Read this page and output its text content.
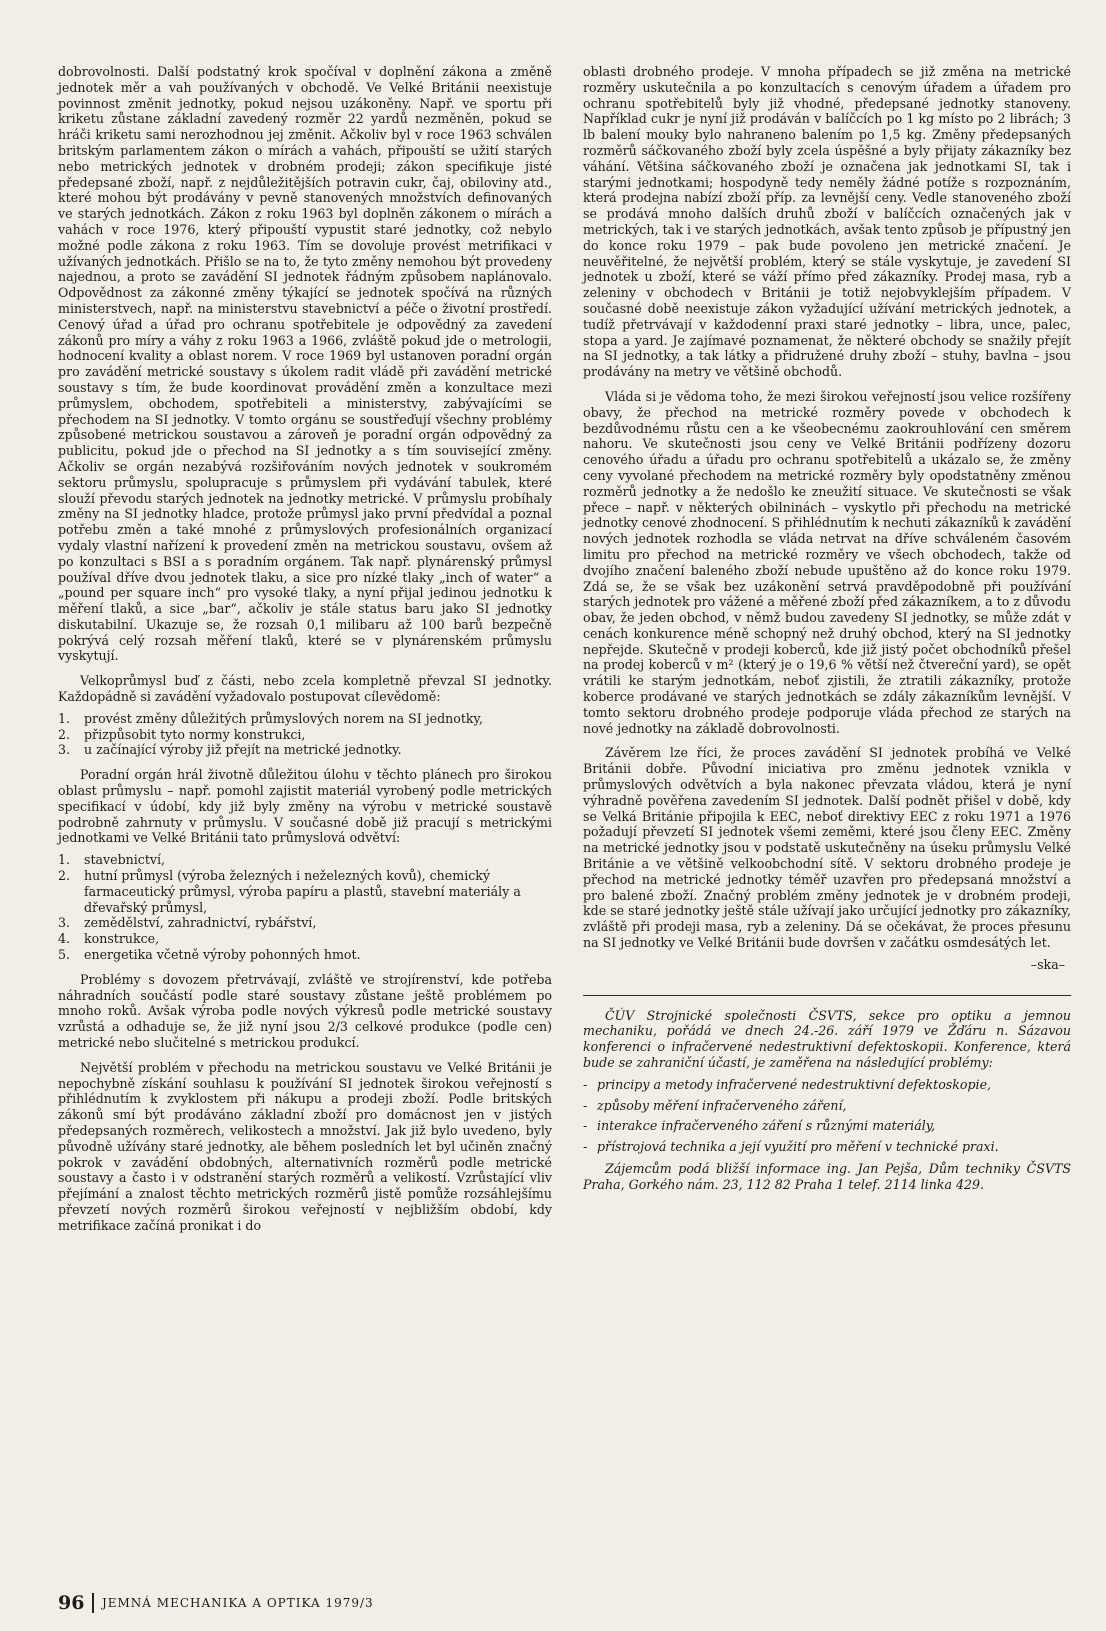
dobrovolnosti. Další podstatný krok spočíval v doplnění zákona a změně jednotek měr a vah používaných v obchodě. Ve Velké Británii neexistuje povinnost změnit jednotky, pokud nejsou uzákoněny. Např. ve sportu při kriketu zůstane základní zavedený rozměr 22 yardů nezměněn, pokud se hráči kriketu sami nerozhodnou jej změnit. Ačkoliv byl v roce 1963 schválen britským parlamentem zákon o mírách a vahách, připouští se užití starých nebo metrických jednotek v drobném prodeji; zákon specifikuje jisté předepsané zboží, např. z nejdůležitějších potravin cukr, čaj, obiloviny atd., které mohou být prodávány v pevně stanovených množstvích definovaných ve starých jednotkách. Zákon z roku 1963 byl doplněn zákonem o mírách a vahách v roce 1976, který připouští vypustit staré jednotky, což nebylo možné podle zákona z roku 1963. Tím se dovoluje provést metrifikaci v užívaných jednotkách. Přišlo se na to, že tyto změny nemohou být provedeny najednou, a proto se zavádění SI jednotek řádným způsobem naplánovalo. Odpovědnost za zákonné změny týkající se jednotek spočívá na různých ministerstvech, např. na ministerstvu stavebnictví a péče o životní prostředí. Cenový úřad a úřad pro ochranu spotřebitele je odpovědný za zavedení zákonů pro míry a váhy z roku 1963 a 1966, zvláště pokud jde o metrologii, hodnocení kvality a oblast norem. V roce 1969 byl ustanoven poradní orgán pro zavádění metrické soustavy s úkolem radit vládě při zavádění metrické soustavy s tím, že bude koordinovat provádění změn a konzultace mezi průmyslem, obchodem, spotřebiteli a ministerstvy, zabývajícími se přechodem na SI jednotky. V tomto orgánu se soustřeďují všechny problémy způsobené metrickou soustavou a zároveň je poradní orgán odpovědný za publicitu, pokud jde o přechod na SI jednotky a s tím související změny. Ačkoliv se orgán nezabývá rozšiřováním nových jednotek v soukromém sektoru průmyslu, spolupracuje s průmyslem při vydávání tabulek, které slouží převodu starých jednotek na jednotky metrické. V průmyslu probíhaly změny na SI jednotky hladce, protože průmysl jako první předvídal a poznal potřebu změn a také mnohé z průmyslových profesionálních organizací vydaly vlastní nařízení k provedení změn na metrickou soustavu, ovšem až po konzultaci s BSI a s poradním orgánem. Tak např. plynárenský průmysl používal dříve dvou jednotek tlaku, a sice pro nízké tlaky „inch of water“ a „pound per square inch“ pro vysoké tlaky, a nyní přijal jedinou jednotku k měření tlaků, a sice „bar“, ačkoliv je stále status baru jako SI jednotky diskutabilní. Ukazuje se, že rozsah 0,1 milibaru až 100 barů bezpečně pokrývá celý rozsah měření tlaků, které se v plynárenském průmyslu vyskytují.

Velkoprůmysl buď z části, nebo zcela kompletně převzal SI jednotky. Každopádně si zavádění vyžadovalo postupovat cílevědomě:

1.	provést změny důležitých průmyslových norem na SI jednotky,
2.	přizpůsobit tyto normy konstrukci,
3.	u začínající výroby již přejít na metrické jednotky.

Poradní orgán hrál životně důležitou úlohu v těchto plánech pro širokou oblast průmyslu – např. pomohl zajistit materiál vyrobený podle metrických specifikací v údobí, kdy již byly změny na výrobu v metrické soustavě podrobně zahrnuty v průmyslu. V současné době již pracují s metrickými jednotkami ve Velké Británii tato průmyslová odvětví:

1.	stavebnictví,
2.	hutní průmysl (výroba železných i neželezných kovů), chemický farmaceutický průmysl, výroba papíru a plastů, stavební materiály a dřevařský průmysl,
3.	zemědělství, zahradnictví, rybářství,
4.	konstrukce,
5.	energetika včetně výroby pohonných hmot.

Problémy s dovozem přetrvávají, zvláště ve strojírenství, kde potřeba náhradních součástí podle staré soustavy zůstane ještě problémem po mnoho roků. Avšak výroba podle nových výkresů podle metrické soustavy vzrůstá a odhaduje se, že již nyní jsou 2/3 celkové produkce (podle cen) metrické nebo slučitelné s metrickou produkcí.

Největší problém v přechodu na metrickou soustavu ve Velké Británii je nepochybně získání souhlasu k používání SI jednotek širokou veřejností s přihlédnutím k zvyklostem při nákupu a prodeji zboží. Podle britských zákonů smí být prodáváno základní zboží pro domácnost jen v jistých předepsaných rozměrech, velikostech a množství. Jak již bylo uvedeno, byly původně užívány staré jednotky, ale během posledních let byl učiněn značný pokrok v zavádění obdobných, alternativních rozměrů podle metrické soustavy a často i v odstranění starých rozměrů a velikostí. Vzrůstající vliv přejímání a znalost těchto metrických rozměrů jistě pomůže rozsáhlejšímu převzetí nových rozměrů širokou veřejností v nejbližším období, kdy metrifikace začíná pronikat i do

oblasti drobného prodeje. V mnoha případech se již změna na metrické rozměry uskutečnila a po konzultacích s cenovým úřadem a úřadem pro ochranu spotřebitelů byly již vhodné, předepsané jednotky stanoveny. Například cukr je nyní již prodáván v balíčcích po 1 kg místo po 2 librách; 3 lb balení mouky bylo nahraneno balením po 1,5 kg. Změny předepsaných rozměrů sáčkovaného zboží byly zcela úspěšné a byly přijaty zákazníky bez váhání. Většina sáčkovaného zboží je označena jak jednotkami SI, tak i starými jednotkami; hospodyně tedy neměly žádné potíže s rozpoznáním, která prodejna nabízí zboží příp. za levnější ceny. Vedle stanoveného zboží se prodává mnoho dalších druhů zboží v balíčcích označených jak v metrických, tak i ve starých jednotkách, avšak tento způsob je přípustný jen do konce roku 1979 – pak bude povoleno jen metrické značení. Je neuvěřitelné, že největší problém, který se stále vyskytuje, je zavedení SI jednotek u zboží, které se váží přímo před zákazníky. Prodej masa, ryb a zeleniny v obchodech v Británii je totiž nejobvyklejším případem. V současné době neexistuje zákon vyžadující užívání metrických jednotek, a tudíž přetrvávají v každodenní praxi staré jednotky – libra, unce, palec, stopa a yard. Je zajímavé poznamenat, že některé obchody se snažily přejít na SI jednotky, a tak látky a přidružené druhy zboží – stuhy, bavlna – jsou prodávány na metry ve většině obchodů.

Vláda si je vědoma toho, že mezi širokou veřejností jsou velice rozšířeny obavy, že přechod na metrické rozměry povede v obchodech k bezdůvodnému růstu cen a ke všeobecnému zaokrouhlování cen směrem nahoru. Ve skutečnosti jsou ceny ve Velké Británii podřízeny dozoru cenového úřadu a úřadu pro ochranu spotřebitelů a ukázalo se, že změny ceny vyvolané přechodem na metrické rozměry byly opodstatněny změnou rozměrů jednotky a že nedošlo ke zneužití situace. Ve skutečnosti se však přece – např. v některých obilninách – vyskytlo při přechodu na metrické jednotky cenové zhodnocení. S přihlédnutím k nechuti zákazníků k zavádění nových jednotek rozhodla se vláda netrvat na dříve schváleném časovém limitu pro přechod na metrické rozměry ve všech obchodech, takže od dvojího značení baleného zboží nebude upuštěno až do konce roku 1979. Zdá se, že se však bez uzákonění setrvá pravděpodobně při používání starých jednotek pro vážené a měřené zboží před zákazníkem, a to z důvodu obav, že jeden obchod, v němž budou zavedeny SI jednotky, se může zdát v cenách konkurence méně schopný než druhý obchod, který na SI jednotky nepřejde. Skutečně v prodeji koberců, kde již jistý počet obchodníků přešel na prodej koberců v m² (který je o 19,6 % větší než čtvereční yard), se opět vrátili ke starým jednotkám, neboť zjistili, že ztratili zákazníky, protože koberce prodávané ve starých jednotkách se zdály zákazníkům levnější. V tomto sektoru drobného prodeje podporuje vláda přechod ze starých na nové jednotky na základě dobrovolnosti.

Závěrem lze říci, že proces zavádění SI jednotek probíhá ve Velké Británii dobře. Původní iniciativa pro změnu jednotek vznikla v průmyslových odvětvích a byla nakonec převzata vládou, která je nyní výhradně pověřena zavedením SI jednotek. Další podnět přišel v době, kdy se Velká Británie připojila k EEC, neboť direktivy EEC z roku 1971 a 1976 požadují převzetí SI jednotek všemi zeměmi, které jsou členy EEC. Změny na metrické jednotky jsou v podstatě uskutečněny na úseku průmyslu Velké Británie a ve většině velkoobchodní sítě. V sektoru drobného prodeje je přechod na metrické jednotky téměř uzavřen pro předepsaná množství a pro balené zboží. Značný problém změny jednotek je v drobném prodeji, kde se staré jednotky ještě stále užívají jako určující jednotky pro zákazníky, zvláště při prodeji masa, ryb a zeleniny. Dá se očekávat, že proces přesunu na SI jednotky ve Velké Británii bude dovršen v začátku osmdesátých let.

–ska–

ČÚV Strojnické společnosti ČSVTS, sekce pro optiku a jemnou mechaniku, pořádá ve dnech 24.-26. září 1979 ve Žďáru n. Sázavou konferenci o infračervené nedestruktivní defektoskopii. Konference, která bude se zahraniční účastí, je zaměřena na následující problémy:

- principy a metody infračervené nedestruktivní defektoskopie,
- způsoby měření infračerveného záření,
- interakce infračerveného záření s různými materiály,
- přístrojová technika a její využití pro měření v technické praxi.

Zájemcům podá bližší informace ing. Jan Pejša, Dům techniky ČSVTS Praha, Gorkého nám. 23, 112 82 Praha 1 telef. 2114 linka 429.

96 JEMNÁ MECHANIKA A OPTIKA 1979/3
